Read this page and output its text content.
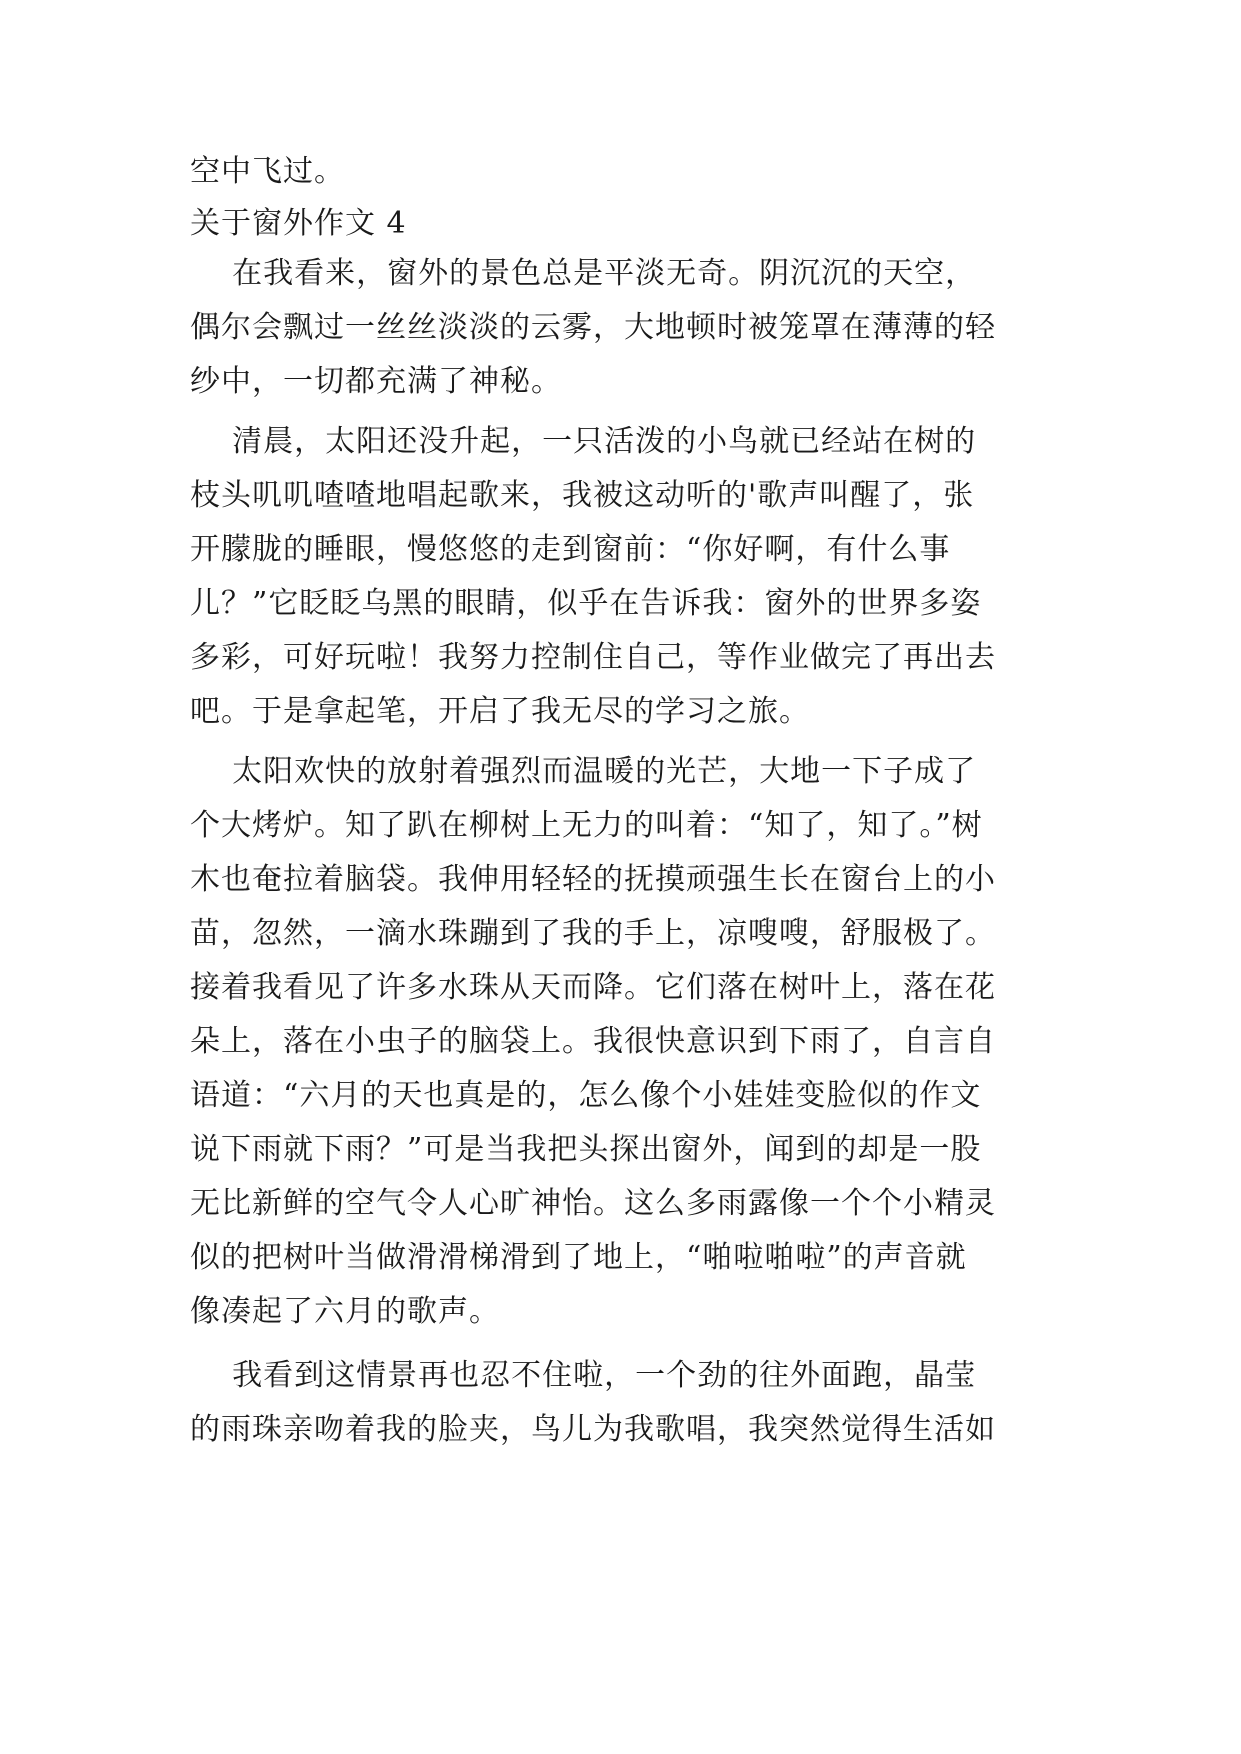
空中飞过。
关于窗外作文 4
在我看来，窗外的景色总是平淡无奇。阴沉沉的天空，
偶尔会飘过一丝丝淡淡的云雾，大地顿时被笼罩在薄薄的轻
纱中，一切都充满了神秘。
清晨，太阳还没升起，一只活泼的小鸟就已经站在树的
枝头叽叽喳喳地唱起歌来，我被这动听的'歌声叫醒了，张
开朦胧的睡眼，慢悠悠的走到窗前：“你好啊，有什么事
儿？”它眨眨乌黑的眼睛，似乎在告诉我：窗外的世界多姿
多彩，可好玩啦！我努力控制住自己，等作业做完了再出去
吧。于是拿起笔，开启了我无尽的学习之旅。
太阳欢快的放射着强烈而温暖的光芒，大地一下子成了
个大烤炉。知了趴在柳树上无力的叫着：“知了，知了。”树
木也奄拉着脑袋。我伸用轻轻的抚摸顽强生长在窗台上的小
苗，忽然，一滴水珠蹦到了我的手上，凉嗖嗖，舒服极了。
接着我看见了许多水珠从天而降。它们落在树叶上，落在花
朵上，落在小虫子的脑袋上。我很快意识到下雨了，自言自
语道：“六月的天也真是的，怎么像个小娃娃变脸似的作文
说下雨就下雨？”可是当我把头探出窗外，闻到的却是一股
无比新鲜的空气令人心旷神怡。这么多雨露像一个个小精灵
似的把树叶当做滑滑梯滑到了地上，“啪啦啪啦”的声音就
像凑起了六月的歌声。
我看到这情景再也忍不住啦，一个劲的往外面跑，晶莹
的雨珠亲吻着我的脸夹，鸟儿为我歌唱，我突然觉得生活如
